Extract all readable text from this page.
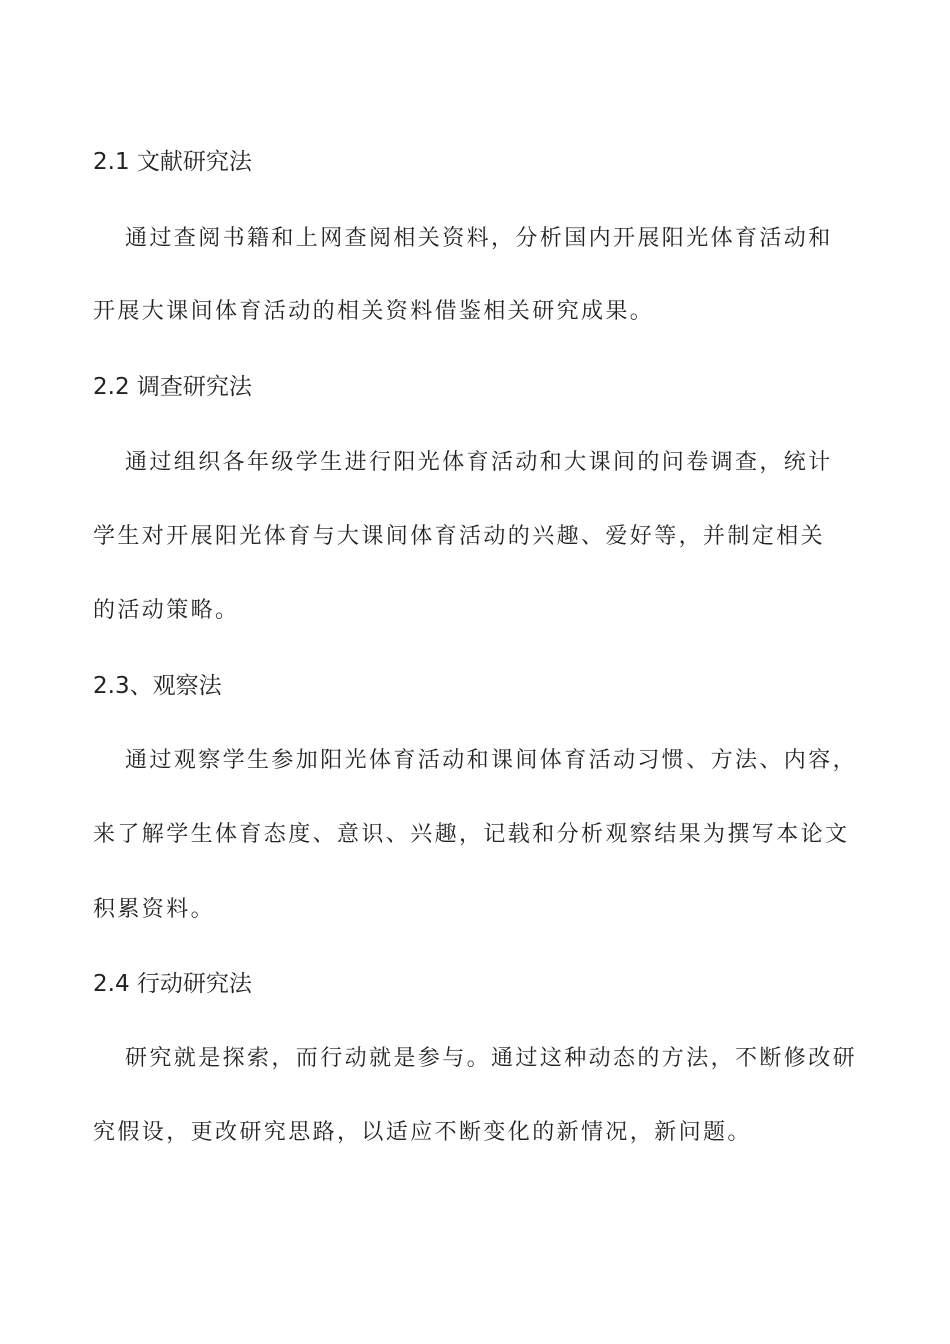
2.1 文献研究法

通过查阅书籍和上网查阅相关资料，分析国内开展阳光体育活动和

开展大课间体育活动的相关资料借鉴相关研究成果。

2.2 调查研究法

通过组织各年级学生进行阳光体育活动和大课间的问卷调查，统计

学生对开展阳光体育与大课间体育活动的兴趣、爱好等，并制定相关

的活动策略。

2.3、观察法

通过观察学生参加阳光体育活动和课间体育活动习惯、方法、内容，

来了解学生体育态度、意识、兴趣，记载和分析观察结果为撰写本论文

积累资料。

2.4 行动研究法

研究就是探索，而行动就是参与。通过这种动态的方法，不断修改研

究假设，更改研究思路，以适应不断变化的新情况，新问题。
